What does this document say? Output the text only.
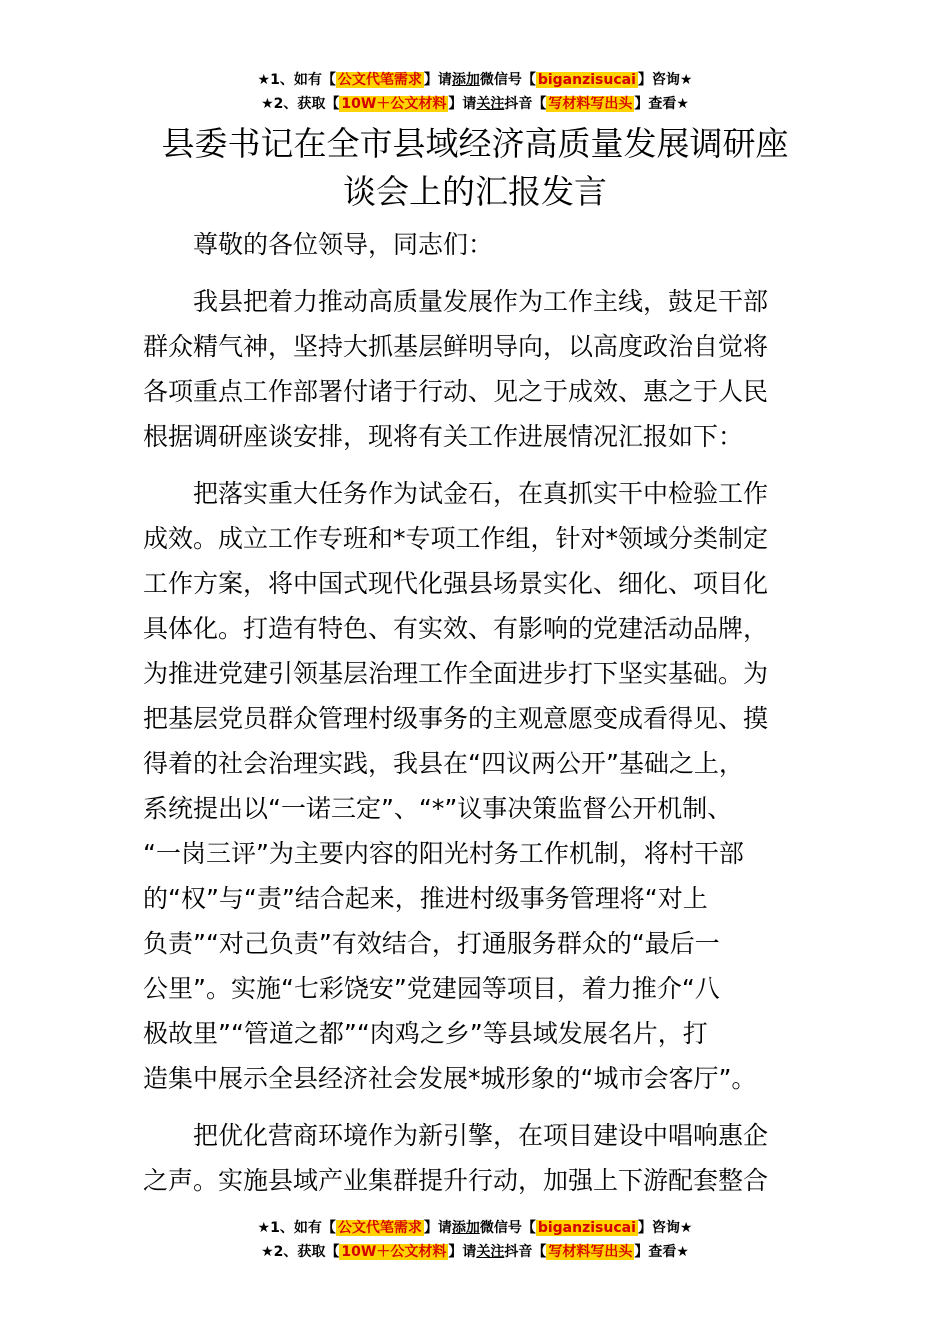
★1、如有【 公文代笔需求 】请添加微信号【 biganzisucai 】咨询★
★2、获取【 10W＋公文材料 】请关注抖音【 写材料写出头 】查看★
县委书记在全市县域经济高质量发展调研座
谈会上的汇报发言

尊敬的各位领导，同志们：

我县把着力推动高质量发展作为工作主线，鼓足干部
群众精气神，坚持大抓基层鲜明导向，以高度政治自觉将
各项重点工作部署付诸于行动、见之于成效、惠之于人民
根据调研座谈安排，现将有关工作进展情况汇报如下：

把落实重大任务作为试金石，在真抓实干中检验工作
成效。成立工作专班和*专项工作组，针对*领域分类制定
工作方案，将中国式现代化强县场景实化、细化、项目化
具体化。打造有特色、有实效、有影响的党建活动品牌，
为推进党建引领基层治理工作全面进步打下坚实基础。为
把基层党员群众管理村级事务的主观意愿变成看得见、摸
得着的社会治理实践，我县在“四议两公开”基础之上，
系统提出以“一诺三定”、“*”议事决策监督公开机制、
“一岗三评”为主要内容的阳光村务工作机制，将村干部
的“权”与“责”结合起来，推进村级事务管理将“对上
负责”“对己负责”有效结合，打通服务群众的“最后一
公里”。实施“七彩饶安”党建园等项目，着力推介“八
极故里”“管道之都”“肉鸡之乡”等县域发展名片，打
造集中展示全县经济社会发展*城形象的“城市会客厅”。

把优化营商环境作为新引擎，在项目建设中唱响惠企
之声。实施县域产业集群提升行动，加强上下游配套整合

★1、如有【 公文代笔需求 】请添加微信号【 biganzisucai 】咨询★
★2、获取【 10W＋公文材料 】请关注抖音【 写材料写出头 】查看★
